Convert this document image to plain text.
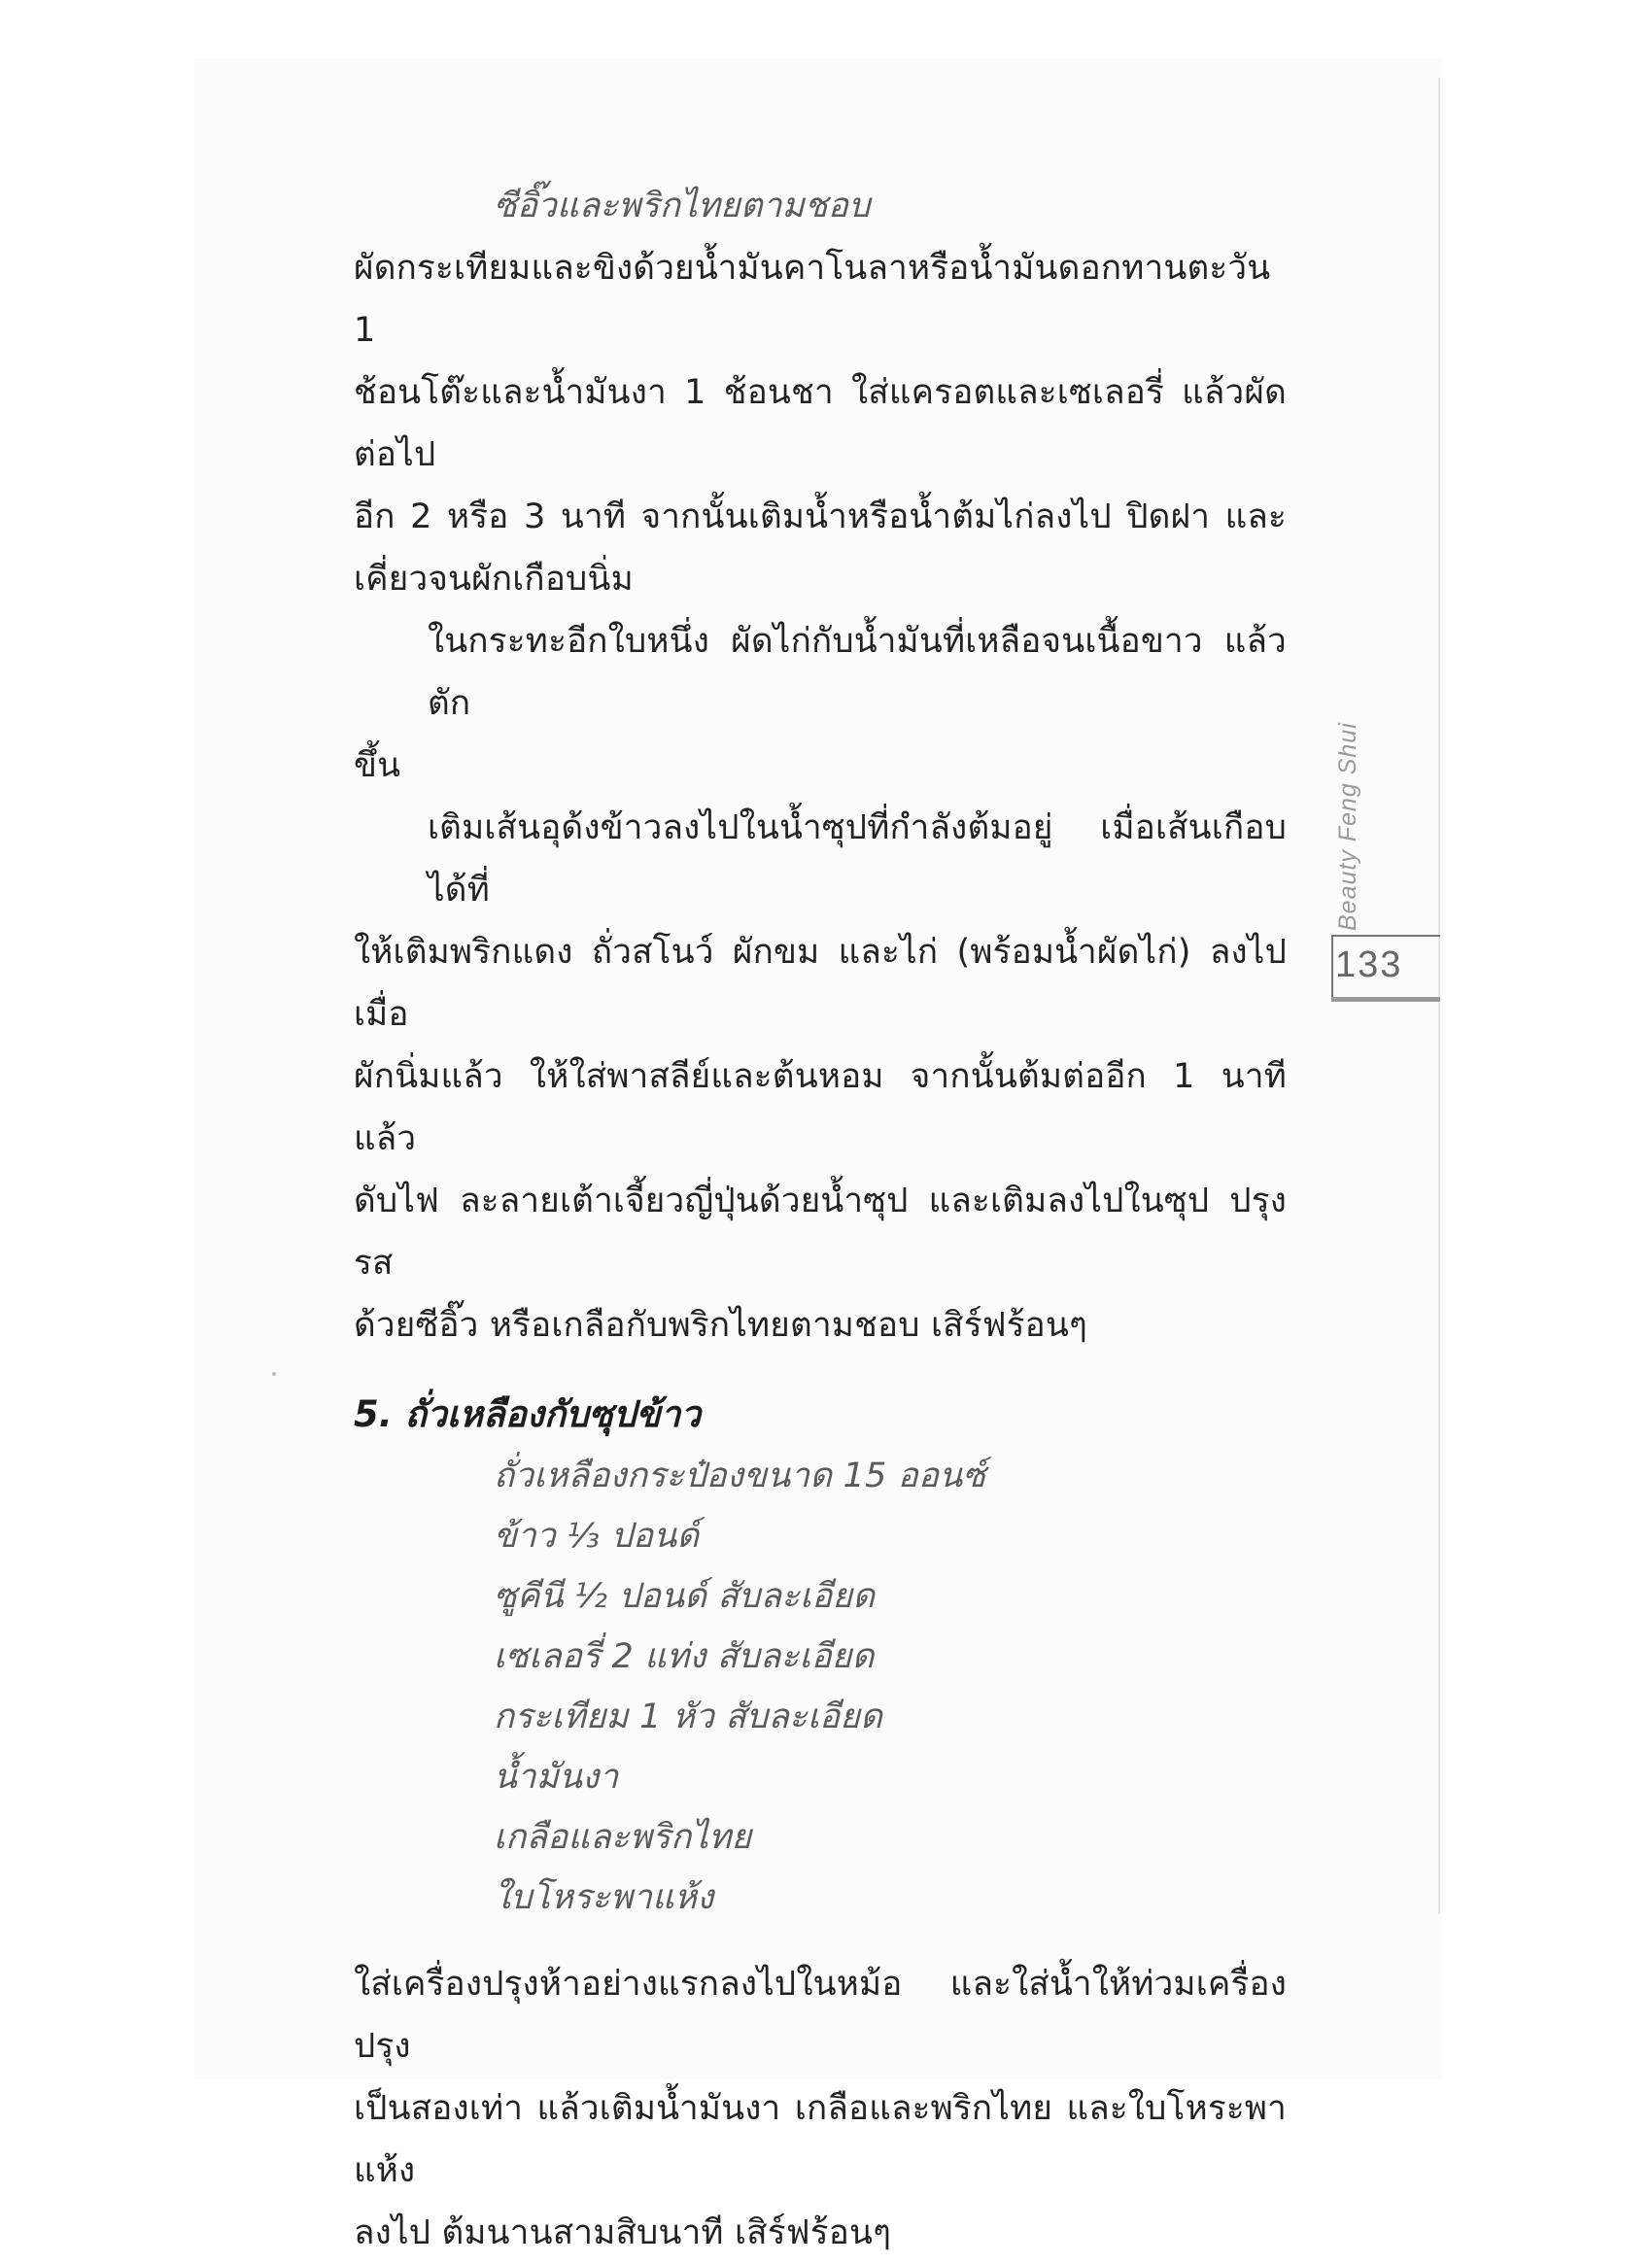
ซีอิ๊วและพริกไทยตามชอบ
ผัดกระเทียมและขิงด้วยน้ำมันคาโนลาหรือน้ำมันดอกทานตะวัน 1
ช้อนโต๊ะและน้ำมันงา 1 ช้อนชา ใส่แครอตและเซเลอรี่ แล้วผัดต่อไป
อีก 2 หรือ 3 นาที จากนั้นเติมน้ำหรือน้ำต้มไก่ลงไป ปิดฝา และ
เคี่ยวจนผักเกือบนิ่ม
ในกระทะอีกใบหนึ่ง ผัดไก่กับน้ำมันที่เหลือจนเนื้อขาว แล้วตัก
ขึ้น
เติมเส้นอุด้งข้าวลงไปในน้ำซุปที่กำลังต้มอยู่ เมื่อเส้นเกือบได้ที่
ให้เติมพริกแดง ถั่วสโนว์ ผักขม และไก่ (พร้อมน้ำผัดไก่) ลงไป เมื่อ
ผักนิ่มแล้ว ให้ใส่พาสลีย์และต้นหอม จากนั้นต้มต่ออีก 1 นาที แล้ว
ดับไฟ ละลายเต้าเจี้ยวญี่ปุ่นด้วยน้ำซุป และเติมลงไปในซุป ปรุงรส
ด้วยซีอิ๊ว หรือเกลือกับพริกไทยตามชอบ เสิร์ฟร้อนๆ
5. ถั่วเหลืองกับซุปข้าว
ถั่วเหลืองกระป๋องขนาด 15 ออนซ์
ข้าว ⅓ ปอนด์
ซูคีนี ½ ปอนด์ สับละเอียด
เซเลอรี่ 2 แท่ง สับละเอียด
กระเทียม 1 หัว สับละเอียด
น้ำมันงา
เกลือและพริกไทย
ใบโหระพาแห้ง
ใส่เครื่องปรุงห้าอย่างแรกลงไปในหม้อ และใส่น้ำให้ท่วมเครื่องปรุง
เป็นสองเท่า แล้วเติมน้ำมันงา เกลือและพริกไทย และใบโหระพาแห้ง
ลงไป ต้มนานสามสิบนาที เสิร์ฟร้อนๆ
Beauty Feng Shui
133
